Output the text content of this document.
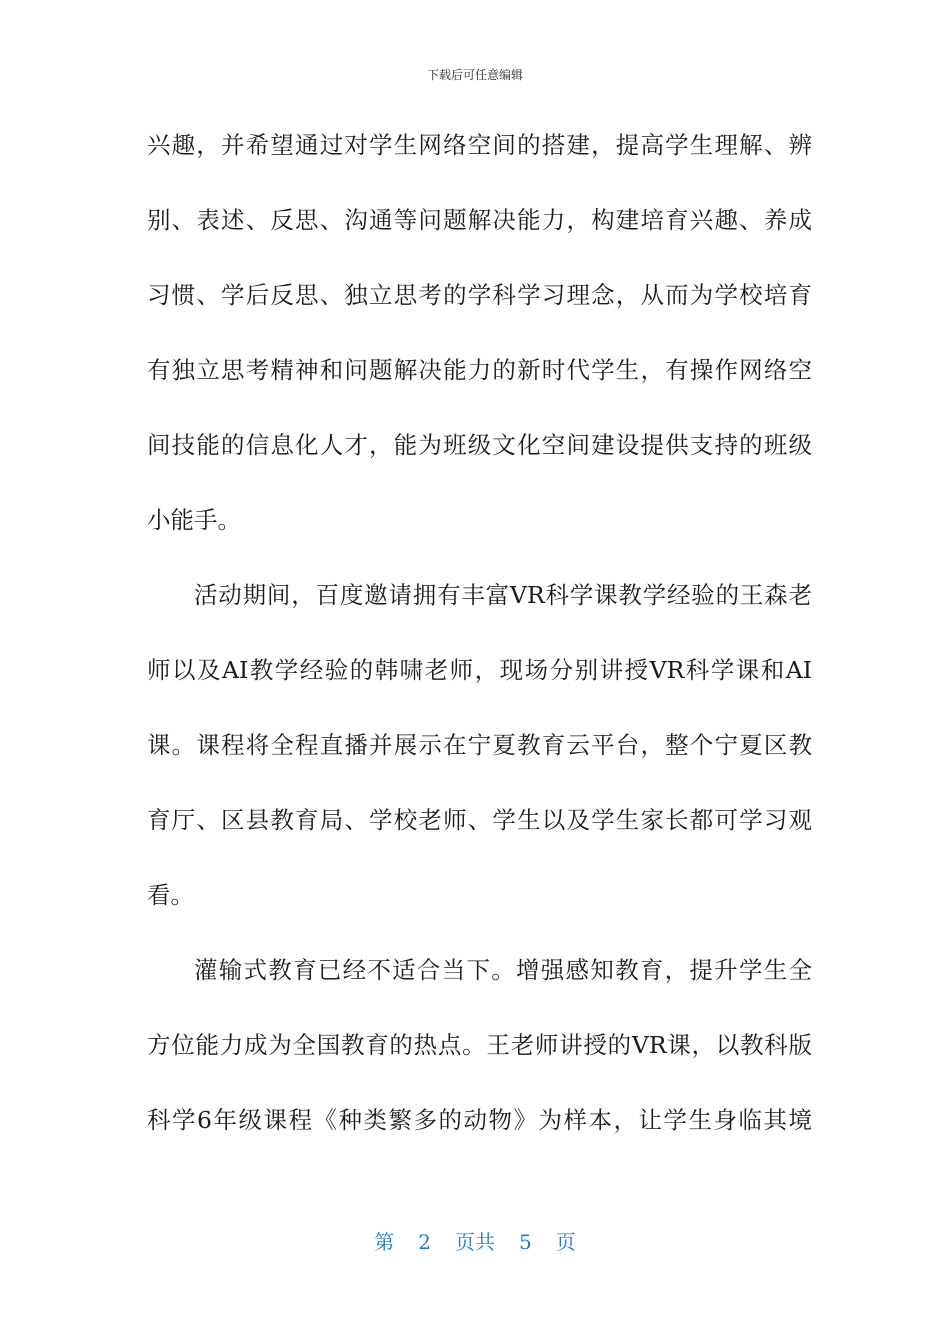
下载后可任意编辑
兴趣，并希望通过对学生网络空间的搭建，提高学生理解、辨
别、表述、反思、沟通等问题解决能力，构建培育兴趣、养成
习惯、学后反思、独立思考的学科学习理念，从而为学校培育
有独立思考精神和问题解决能力的新时代学生，有操作网络空
间技能的信息化人才，能为班级文化空间建设提供支持的班级
小能手。
活动期间，百度邀请拥有丰富VR科学课教学经验的王森老
师以及AI教学经验的韩啸老师，现场分别讲授VR科学课和AI
课。课程将全程直播并展示在宁夏教育云平台，整个宁夏区教
育厅、区县教育局、学校老师、学生以及学生家长都可学习观
看。
灌输式教育已经不适合当下。增强感知教育，提升学生全
方位能力成为全国教育的热点。王老师讲授的VR课，以教科版
科学6年级课程《种类繁多的动物》为样本，让学生身临其境
第 2 页共 5 页
